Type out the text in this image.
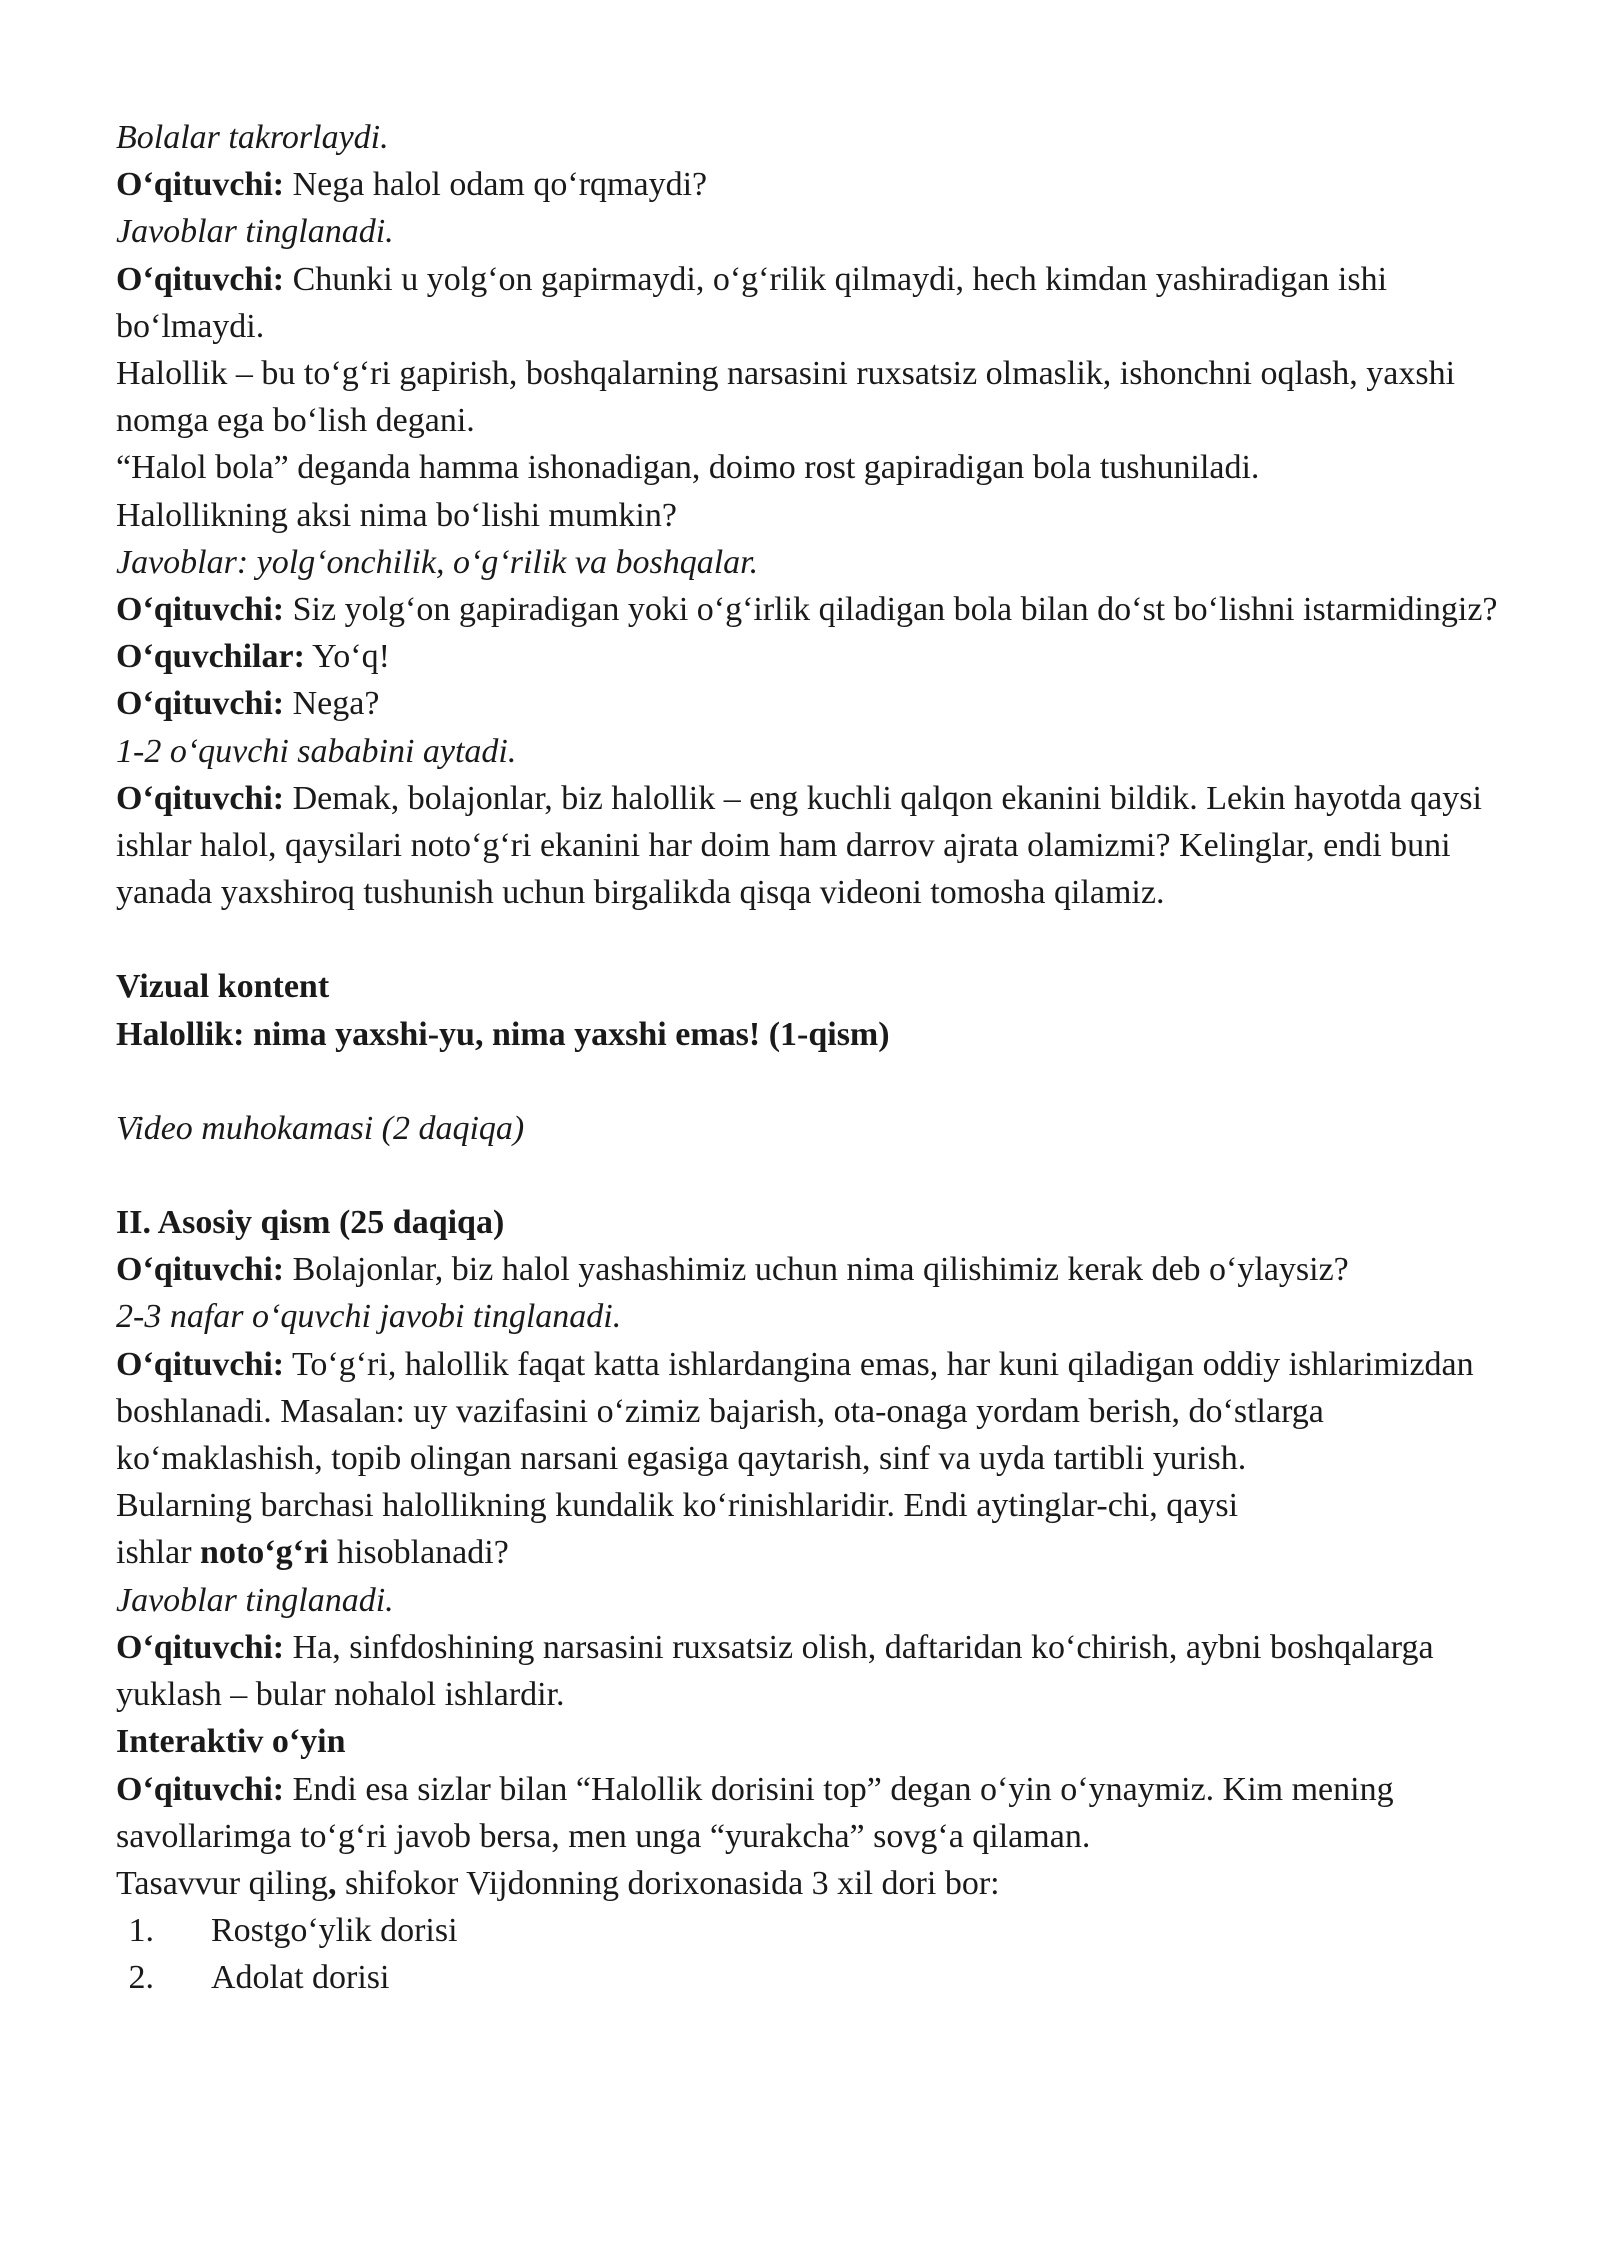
Bolalar takrorlaydi.
O‘qituvchi: Nega halol odam qo‘rqmaydi?
Javoblar tinglanadi.
O‘qituvchi: Chunki u yolg‘on gapirmaydi, o‘g‘rilik qilmaydi, hech kimdan yashiradigan ishi bo‘lmaydi.
Halollik – bu to‘g‘ri gapirish, boshqalarning narsasini ruxsatsiz olmaslik, ishonchni oqlash, yaxshi nomga ega bo‘lish degani.
“Halol bola” deganda hamma ishonadigan, doimo rost gapiradigan bola tushuniladi.
Halollikning aksi nima bo‘lishi mumkin?
Javoblar: yolg‘onchilik, o‘g‘rilik va boshqalar.
O‘qituvchi: Siz yolg‘on gapiradigan yoki o‘g‘irlik qiladigan bola bilan do‘st bo‘lishni istarmidingiz?
O‘quvchilar: Yo‘q!
O‘qituvchi: Nega?
1-2 o‘quvchi sababini aytadi.
O‘qituvchi: Demak, bolajonlar, biz halollik – eng kuchli qalqon ekanini bildik. Lekin hayotda qaysi ishlar halol, qaysilari noto‘g‘ri ekanini har doim ham darrov ajrata olamizmi? Kelinglar, endi buni yanada yaxshiroq tushunish uchun birgalikda qisqa videoni tomosha qilamiz.
Vizual kontent
Halollik: nima yaxshi-yu, nima yaxshi emas! (1-qism)
Video muhokamasi (2 daqiqa)
II. Asosiy qism (25 daqiqa)
O‘qituvchi: Bolajonlar, biz halol yashashimiz uchun nima qilishimiz kerak deb o‘ylaysiz?
2-3 nafar o‘quvchi javobi tinglanadi.
O‘qituvchi: To‘g‘ri, halollik faqat katta ishlardangina emas, har kuni qiladigan oddiy ishlarimizdan boshlanadi. Masalan: uy vazifasini o‘zimiz bajarish, ota-onaga yordam berish, do‘stlarga ko‘maklashish, topib olingan narsani egasiga qaytarish, sinf va uyda tartibli yurish.
Bularning barchasi halollikning kundalik ko‘rinishlaridir. Endi aytinglar-chi, qaysi
ishlar noto‘g‘ri hisoblanadi?
Javoblar tinglanadi.
O‘qituvchi: Ha, sinfdoshining narsasini ruxsatsiz olish, daftaridan ko‘chirish, aybni boshqalarga yuklash – bular nohalol ishlardir.
Interaktiv o‘yin
O‘qituvchi: Endi esa sizlar bilan “Halollik dorisini top” degan o‘yin o‘ynaymiz. Kim mening savollarimga to‘g‘ri javob bersa, men unga “yurakcha” sovg‘a qilaman.
Tasavvur qiling, shifokor Vijdonning dorixonasida 3 xil dori bor:
1. Rostgo‘ylik dorisi
2. Adolat dorisi
